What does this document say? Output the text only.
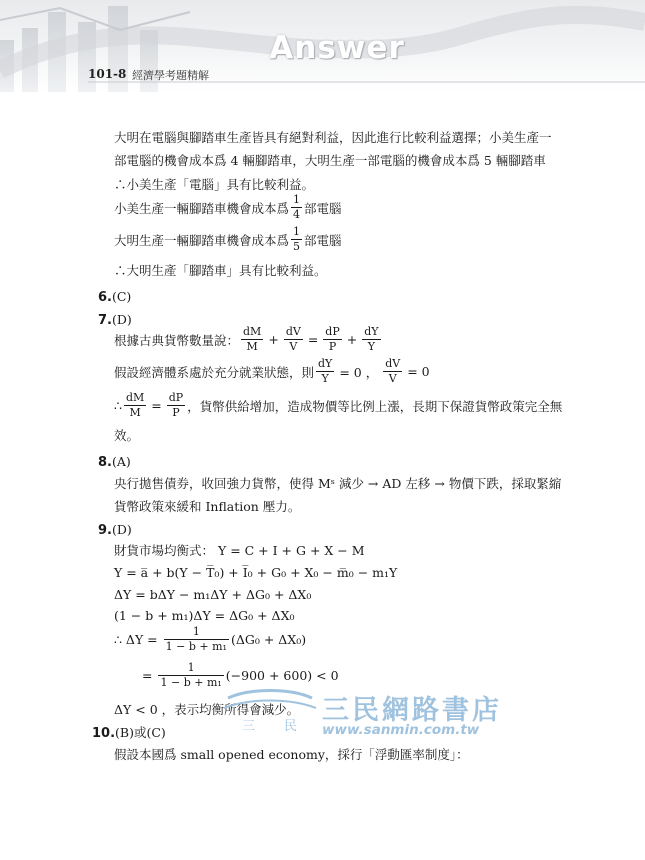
Answer
101-8 經濟學考題精解
大明在電腦與腳踏車生產皆具有絕對利益，因此進行比較利益選擇；小美生產一
部電腦的機會成本爲 4 輛腳踏車，大明生產一部電腦的機會成本爲 5 輛腳踏車
∴小美生產「電腦」具有比較利益。
小美生產一輛腳踏車機會成本爲 $\frac{1}{4}$ 部電腦
大明生產一輛腳踏車機會成本爲 $\frac{1}{5}$ 部電腦
∴大明生產「腳踏車」具有比較利益。
6.(C)
7.(D)
根據古典貨幣數量說： $\frac{dM}{M} + \frac{dV}{V} = \frac{dP}{P} + \frac{dY}{Y}$
假設經濟體系處於充分就業狀態，則 $\frac{dY}{Y} = 0$ ， $\frac{dV}{V} = 0$
∴ $\frac{dM}{M} = \frac{dP}{P}$ ，貨幣供給增加，造成物價等比例上漲，長期下保證貨幣政策完全無
效。
8.(A)
央行拋售債券，收回強力貨幣，使得 Mˢ 減少 → AD 左移 → 物價下跌，採取緊縮
貨幣政策來緩和 Inflation 壓力。
9.(D)
財貨市場均衡式： Y = C + I + G + X − M
Y = a̅ + b(Y − T̅₀) + I̅₀ + G₀ + X₀ − m̅₀ − m₁Y
ΔY = bΔY − m₁ΔY + ΔG₀ + ΔX₀
(1 − b + m₁)ΔY = ΔG₀ + ΔX₀
∴ $\Delta Y = \frac{1}{\text{1 − b + m₁}} (\Delta G_0 + \Delta X_0)$
= $\frac{1}{\text{1 − b + m₁}} (-900 + 600) < 0$
ΔY < 0 ，表示均衡所得會減少。
三 民
三民網路書店
www.sanmin.com.tw
10.(B)或(C)
假設本國爲 small opened economy，採行「浮動匯率制度」：
